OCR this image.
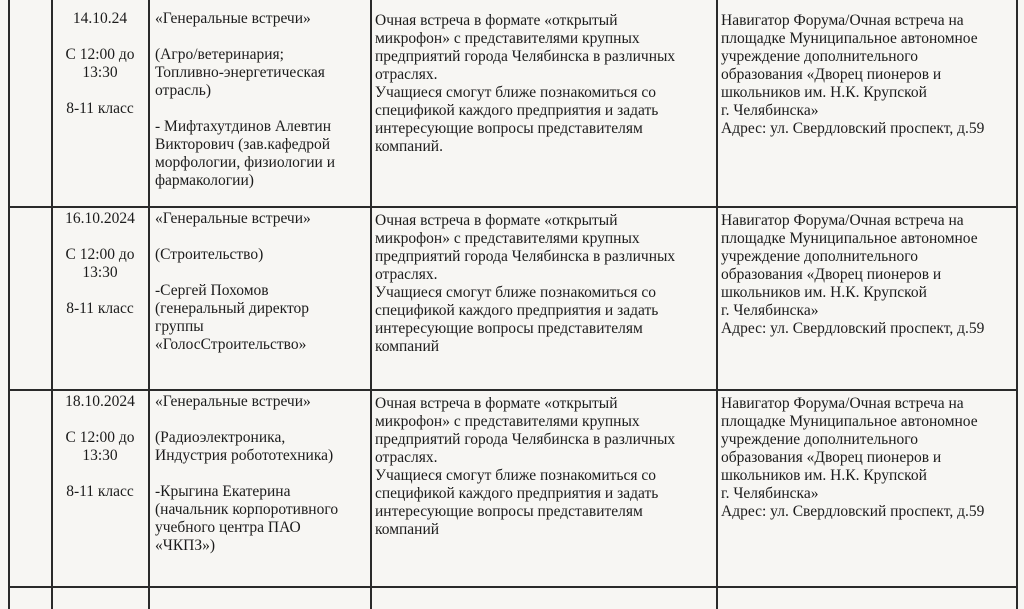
14.10.24

С 12:00 до

13:30

8-11 класс

«Генеральные встречи»

(Агро/ветеринария;

Топливно-энергетическая

отрасль)

- Мифтахутдинов Алевтин

Викторович (зав.кафедрой

морфологии, физиологии и

фармакологии)

Очная встреча в формате «открытый

микрофон» с представителями крупных

предприятий города Челябинска в различных

отраслях.

Учащиеся смогут ближе познакомиться со

спецификой каждого предприятия и задать

интересующие вопросы представителям

компаний.

Навигатор Форума/Очная встреча на

площадке Муниципальное автономное

учреждение дополнительного

образования «Дворец пионеров и

школьников им. Н.К. Крупской

г. Челябинска»

Адрес: ул. Свердловский проспект, д.59

16.10.2024

С 12:00 до

13:30

8-11 класс

«Генеральные встречи»

(Строительство)

-Сергей Похомов

(генеральный директор

группы

«ГолосСтроительство»

Очная встреча в формате «открытый

микрофон» с представителями крупных

предприятий города Челябинска в различных

отраслях.

Учащиеся смогут ближе познакомиться со

спецификой каждого предприятия и задать

интересующие вопросы представителям

компаний

Навигатор Форума/Очная встреча на

площадке Муниципальное автономное

учреждение дополнительного

образования «Дворец пионеров и

школьников им. Н.К. Крупской

г. Челябинска»

Адрес: ул. Свердловский проспект, д.59

18.10.2024

С 12:00 до

13:30

8-11 класс

«Генеральные встречи»

(Радиоэлектроника,

Индустрия робототехника)

-Крыгина Екатерина

(начальник корпоротивного

учебного центра ПАО

«ЧКПЗ»)

Очная встреча в формате «открытый

микрофон» с представителями крупных

предприятий города Челябинска в различных

отраслях.

Учащиеся смогут ближе познакомиться со

спецификой каждого предприятия и задать

интересующие вопросы представителям

компаний

Навигатор Форума/Очная встреча на

площадке Муниципальное автономное

учреждение дополнительного

образования «Дворец пионеров и

школьников им. Н.К. Крупской

г. Челябинска»

Адрес: ул. Свердловский проспект, д.59
